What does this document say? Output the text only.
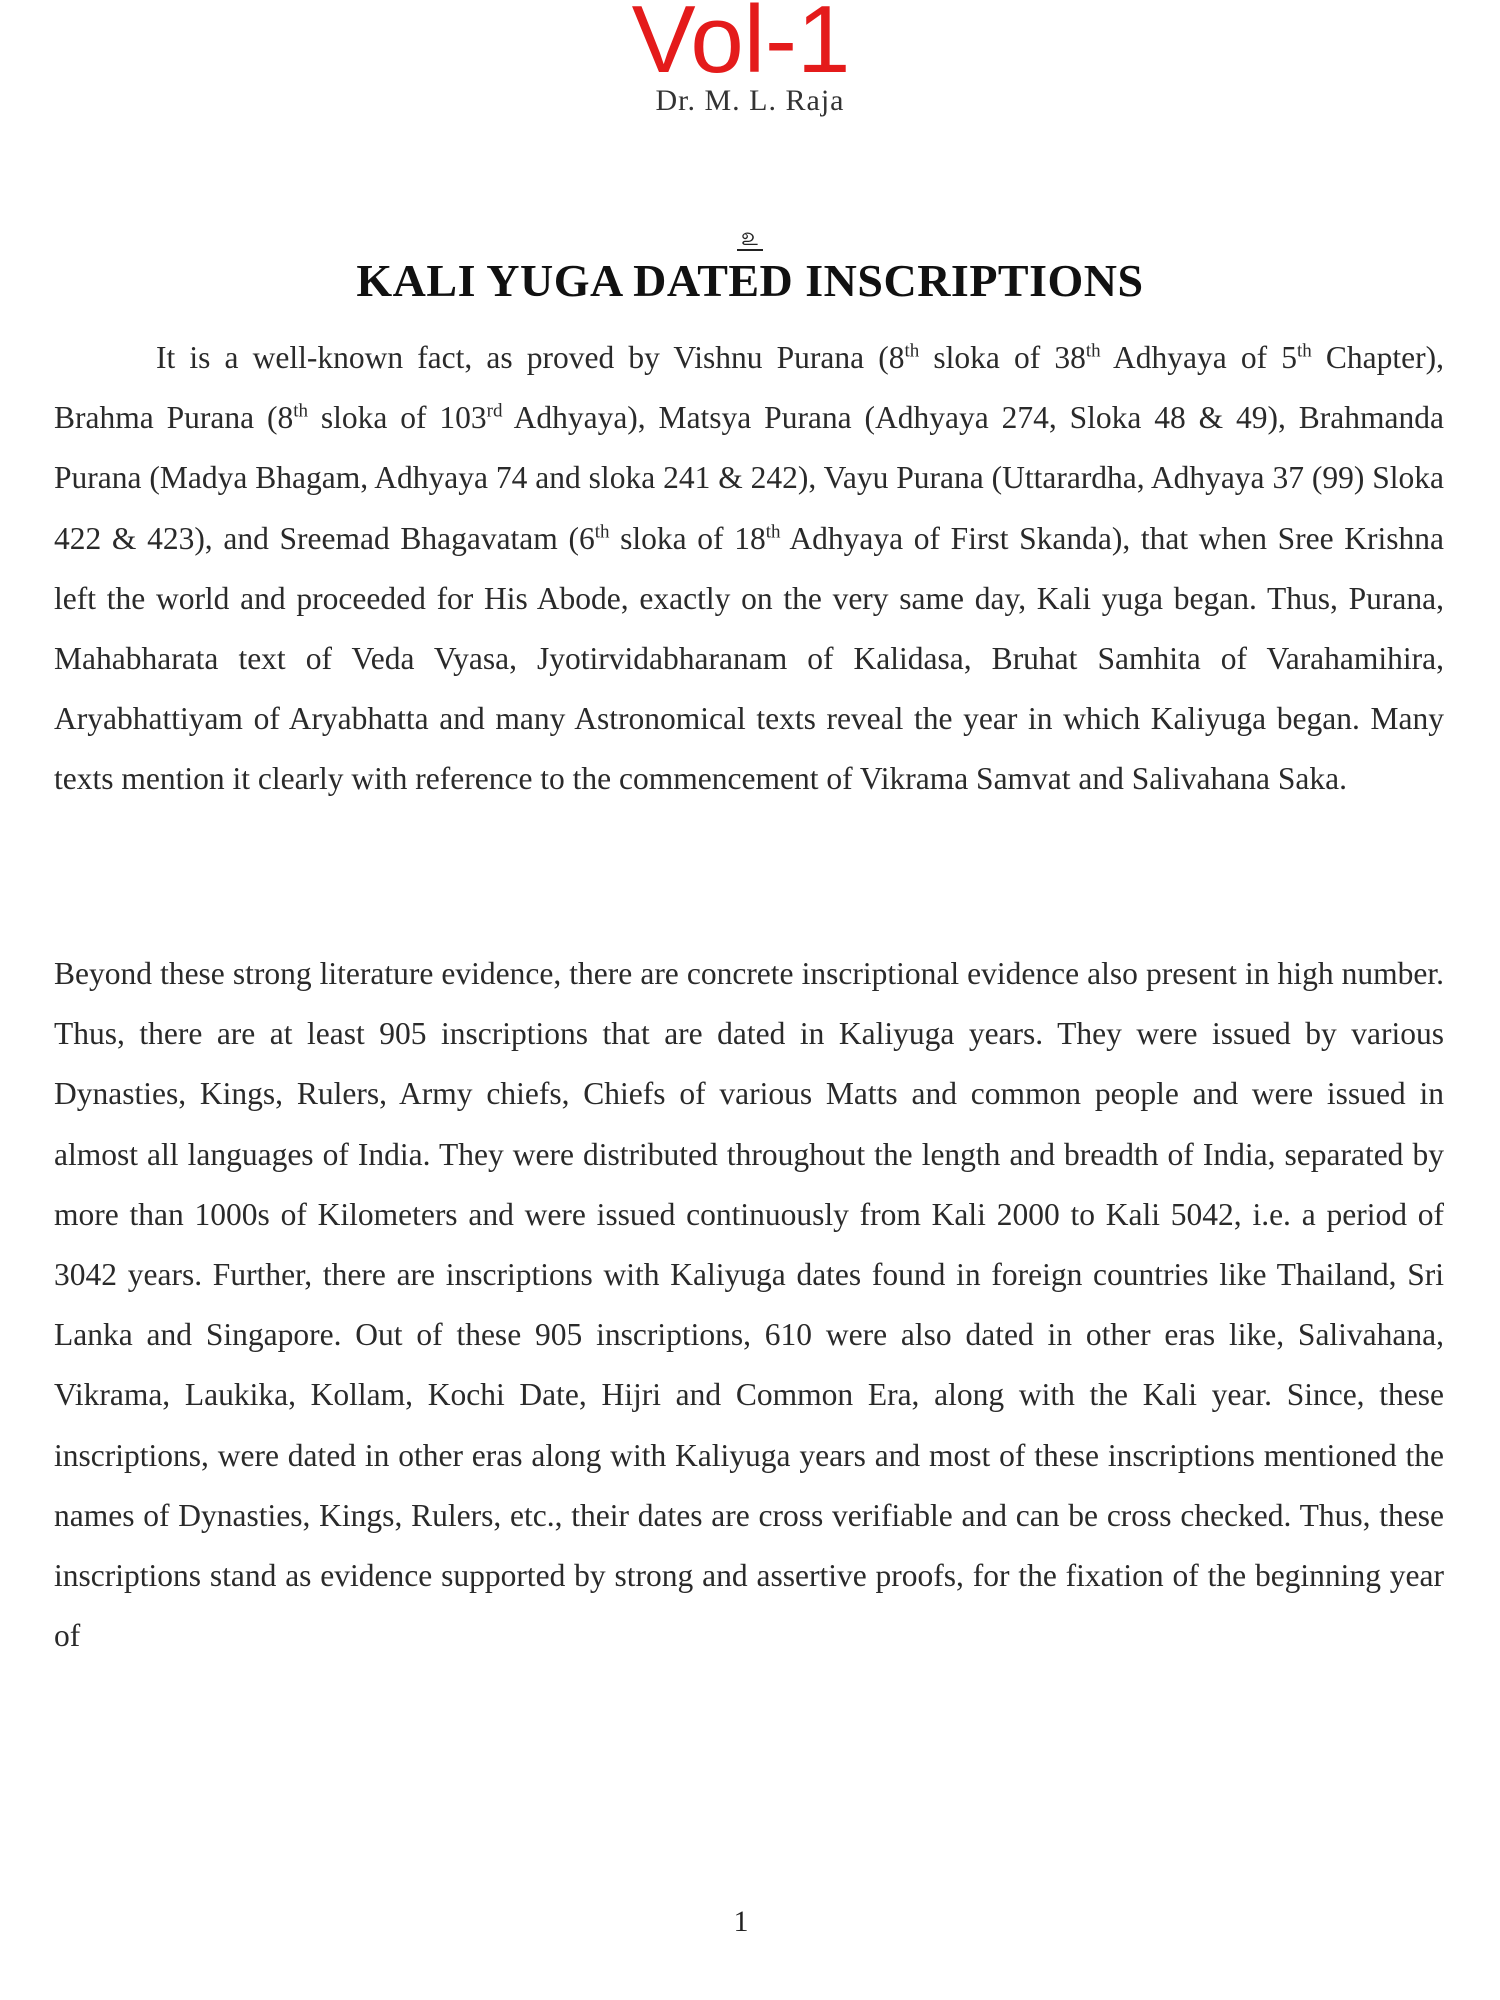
Vol-1
Dr. M. L. Raja
௨
KALI YUGA DATED INSCRIPTIONS

It is a well-known fact, as proved by Vishnu Purana (8th sloka of 38th Adhyaya of 5th Chapter), Brahma Purana (8th sloka of 103rd Adhyaya), Matsya Purana (Adhyaya 274, Sloka 48 & 49), Brahmanda Purana (Madya Bhagam, Adhyaya 74 and sloka 241 & 242), Vayu Purana (Uttarardha, Adhyaya 37 (99) Sloka 422 & 423), and Sreemad Bhagavatam (6th sloka of 18th Adhyaya of First Skanda), that when Sree Krishna left the world and proceeded for His Abode, exactly on the very same day, Kali yuga began. Thus, Purana, Mahabharata text of Veda Vyasa, Jyotirvidabharanam of Kalidasa, Bruhat Samhita of Varahamihira, Aryabhattiyam of Aryabhatta and many Astronomical texts reveal the year in which Kaliyuga began. Many texts mention it clearly with reference to the commencement of Vikrama Samvat and Salivahana Saka.

Beyond these strong literature evidence, there are concrete inscriptional evidence also present in high number. Thus, there are at least 905 inscriptions that are dated in Kaliyuga years. They were issued by various Dynasties, Kings, Rulers, Army chiefs, Chiefs of various Matts and common people and were issued in almost all languages of India. They were distributed throughout the length and breadth of India, separated by more than 1000s of Kilometers and were issued continuously from Kali 2000 to Kali 5042, i.e. a period of 3042 years. Further, there are inscriptions with Kaliyuga dates found in foreign countries like Thailand, Sri Lanka and Singapore. Out of these 905 inscriptions, 610 were also dated in other eras like, Salivahana, Vikrama, Laukika, Kollam, Kochi Date, Hijri and Common Era, along with the Kali year. Since, these inscriptions, were dated in other eras along with Kaliyuga years and most of these inscriptions mentioned the names of Dynasties, Kings, Rulers, etc., their dates are cross verifiable and can be cross checked. Thus, these inscriptions stand as evidence supported by strong and assertive proofs, for the fixation of the beginning year of

1
